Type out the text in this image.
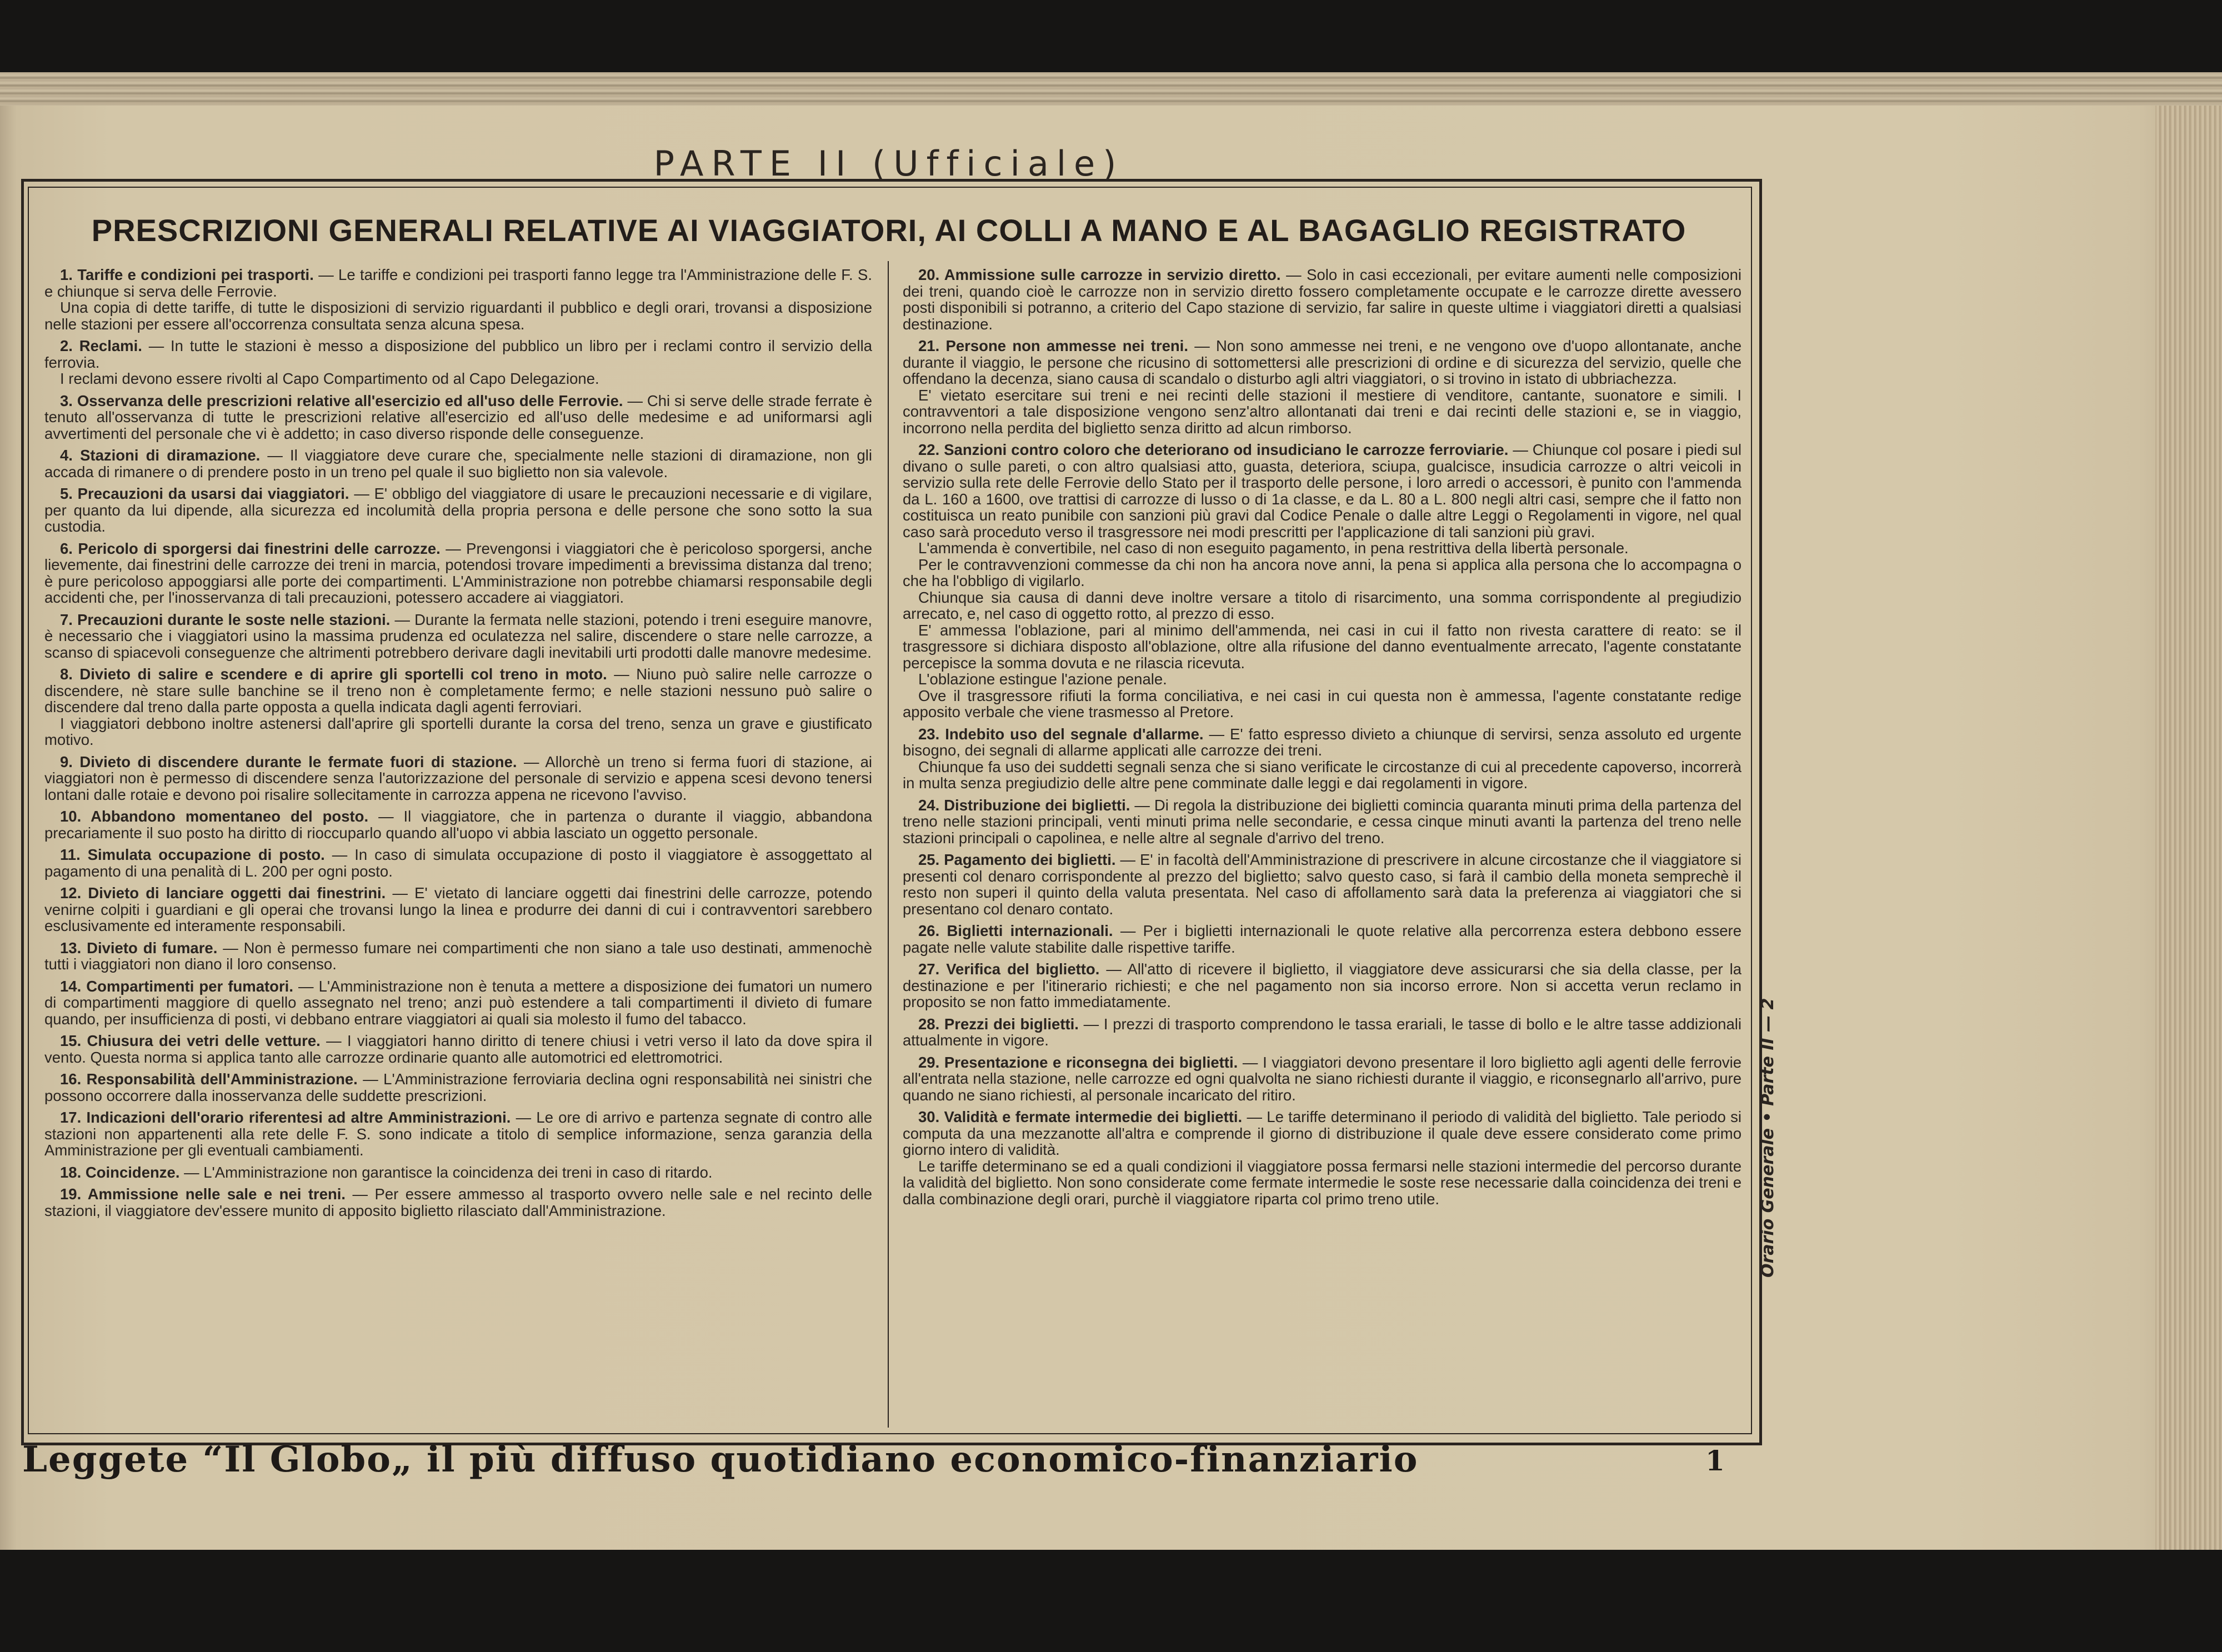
PARTE II (Ufficiale)
PRESCRIZIONI GENERALI RELATIVE AI VIAGGIATORI, AI COLLI A MANO E AL BAGAGLIO REGISTRATO

1. Tariffe e condizioni pei trasporti. — Le tariffe e condizioni pei trasporti fanno legge tra l'Amministrazione delle F. S. e chiunque si serva delle Ferrovie.

Una copia di dette tariffe, di tutte le disposizioni di servizio riguardanti il pubblico e degli orari, trovansi a disposizione nelle stazioni per essere all'occorrenza consultata senza alcuna spesa.

2. Reclami. — In tutte le stazioni è messo a disposizione del pubblico un libro per i reclami contro il servizio della ferrovia.

I reclami devono essere rivolti al Capo Compartimento od al Capo Delegazione.

3. Osservanza delle prescrizioni relative all'esercizio ed all'uso delle Ferrovie. — Chi si serve delle strade ferrate è tenuto all'osservanza di tutte le prescrizioni relative all'esercizio ed all'uso delle medesime e ad uniformarsi agli avvertimenti del personale che vi è addetto; in caso diverso risponde delle conseguenze.

4. Stazioni di diramazione. — Il viaggiatore deve curare che, specialmente nelle stazioni di diramazione, non gli accada di rimanere o di prendere posto in un treno pel quale il suo biglietto non sia valevole.

5. Precauzioni da usarsi dai viaggiatori. — E' obbligo del viaggiatore di usare le precauzioni necessarie e di vigilare, per quanto da lui dipende, alla sicurezza ed incolumità della propria persona e delle persone che sono sotto la sua custodia.

6. Pericolo di sporgersi dai finestrini delle carrozze. — Prevengonsi i viaggiatori che è pericoloso sporgersi, anche lievemente, dai finestrini delle carrozze dei treni in marcia, potendosi trovare impedimenti a brevissima distanza dal treno; è pure pericoloso appoggiarsi alle porte dei compartimenti. L'Amministrazione non potrebbe chiamarsi responsabile degli accidenti che, per l'inosservanza di tali precauzioni, potessero accadere ai viaggiatori.

7. Precauzioni durante le soste nelle stazioni. — Durante la fermata nelle stazioni, potendo i treni eseguire manovre, è necessario che i viaggiatori usino la massima prudenza ed oculatezza nel salire, discendere o stare nelle carrozze, a scanso di spiacevoli conseguenze che altrimenti potrebbero derivare dagli inevitabili urti prodotti dalle manovre medesime.

8. Divieto di salire e scendere e di aprire gli sportelli col treno in moto. — Niuno può salire nelle carrozze o discendere, nè stare sulle banchine se il treno non è completamente fermo; e nelle stazioni nessuno può salire o discendere dal treno dalla parte opposta a quella indicata dagli agenti ferroviari.

I viaggiatori debbono inoltre astenersi dall'aprire gli sportelli durante la corsa del treno, senza un grave e giustificato motivo.

9. Divieto di discendere durante le fermate fuori di stazione. — Allorchè un treno si ferma fuori di stazione, ai viaggiatori non è permesso di discendere senza l'autorizzazione del personale di servizio e appena scesi devono tenersi lontani dalle rotaie e devono poi risalire sollecitamente in carrozza appena ne ricevono l'avviso.

10. Abbandono momentaneo del posto. — Il viaggiatore, che in partenza o durante il viaggio, abbandona precariamente il suo posto ha diritto di rioccuparlo quando all'uopo vi abbia lasciato un oggetto personale.

11. Simulata occupazione di posto. — In caso di simulata occupazione di posto il viaggiatore è assoggettato al pagamento di una penalità di L. 200 per ogni posto.

12. Divieto di lanciare oggetti dai finestrini. — E' vietato di lanciare oggetti dai finestrini delle carrozze, potendo venirne colpiti i guardiani e gli operai che trovansi lungo la linea e produrre dei danni di cui i contravventori sarebbero esclusivamente ed interamente responsabili.

13. Divieto di fumare. — Non è permesso fumare nei compartimenti che non siano a tale uso destinati, ammenochè tutti i viaggiatori non diano il loro consenso.

14. Compartimenti per fumatori. — L'Amministrazione non è tenuta a mettere a disposizione dei fumatori un numero di compartimenti maggiore di quello assegnato nel treno; anzi può estendere a tali compartimenti il divieto di fumare quando, per insufficienza di posti, vi debbano entrare viaggiatori ai quali sia molesto il fumo del tabacco.

15. Chiusura dei vetri delle vetture. — I viaggiatori hanno diritto di tenere chiusi i vetri verso il lato da dove spira il vento. Questa norma si applica tanto alle carrozze ordinarie quanto alle automotrici ed elettromotrici.

16. Responsabilità dell'Amministrazione. — L'Amministrazione ferroviaria declina ogni responsabilità nei sinistri che possono occorrere dalla inosservanza delle suddette prescrizioni.

17. Indicazioni dell'orario riferentesi ad altre Amministrazioni. — Le ore di arrivo e partenza segnate di contro alle stazioni non appartenenti alla rete delle F. S. sono indicate a titolo di semplice informazione, senza garanzia della Amministrazione per gli eventuali cambiamenti.

18. Coincidenze. — L'Amministrazione non garantisce la coincidenza dei treni in caso di ritardo.

19. Ammissione nelle sale e nei treni. — Per essere ammesso al trasporto ovvero nelle sale e nel recinto delle stazioni, il viaggiatore dev'essere munito di apposito biglietto rilasciato dall'Amministrazione.

20. Ammissione sulle carrozze in servizio diretto. — Solo in casi eccezionali, per evitare aumenti nelle composizioni dei treni, quando cioè le carrozze non in servizio diretto fossero completamente occupate e le carrozze dirette avessero posti disponibili si potranno, a criterio del Capo stazione di servizio, far salire in queste ultime i viaggiatori diretti a qualsiasi destinazione.

21. Persone non ammesse nei treni. — Non sono ammesse nei treni, e ne vengono ove d'uopo allontanate, anche durante il viaggio, le persone che ricusino di sottomettersi alle prescrizioni di ordine e di sicurezza del servizio, quelle che offendano la decenza, siano causa di scandalo o disturbo agli altri viaggiatori, o si trovino in istato di ubbriachezza.

E' vietato esercitare sui treni e nei recinti delle stazioni il mestiere di venditore, cantante, suonatore e simili. I contravventori a tale disposizione vengono senz'altro allontanati dai treni e dai recinti delle stazioni e, se in viaggio, incorrono nella perdita del biglietto senza diritto ad alcun rimborso.

22. Sanzioni contro coloro che deteriorano od insudiciano le carrozze ferroviarie. — Chiunque col posare i piedi sul divano o sulle pareti, o con altro qualsiasi atto, guasta, deteriora, sciupa, gualcisce, insudicia carrozze o altri veicoli in servizio sulla rete delle Ferrovie dello Stato per il trasporto delle persone, i loro arredi o accessori, è punito con l'ammenda da L. 160 a 1600, ove trattisi di carrozze di lusso o di 1a classe, e da L. 80 a L. 800 negli altri casi, sempre che il fatto non costituisca un reato punibile con sanzioni più gravi dal Codice Penale o dalle altre Leggi o Regolamenti in vigore, nel qual caso sarà proceduto verso il trasgressore nei modi prescritti per l'applicazione di tali sanzioni più gravi.

L'ammenda è convertibile, nel caso di non eseguito pagamento, in pena restrittiva della libertà personale.

Per le contravvenzioni commesse da chi non ha ancora nove anni, la pena si applica alla persona che lo accompagna o che ha l'obbligo di vigilarlo.

Chiunque sia causa di danni deve inoltre versare a titolo di risarcimento, una somma corrispondente al pregiudizio arrecato, e, nel caso di oggetto rotto, al prezzo di esso.

E' ammessa l'oblazione, pari al minimo dell'ammenda, nei casi in cui il fatto non rivesta carattere di reato: se il trasgressore si dichiara disposto all'oblazione, oltre alla rifusione del danno eventualmente arrecato, l'agente constatante percepisce la somma dovuta e ne rilascia ricevuta.

L'oblazione estingue l'azione penale.

Ove il trasgressore rifiuti la forma conciliativa, e nei casi in cui questa non è ammessa, l'agente constatante redige apposito verbale che viene trasmesso al Pretore.

23. Indebito uso del segnale d'allarme. — E' fatto espresso divieto a chiunque di servirsi, senza assoluto ed urgente bisogno, dei segnali di allarme applicati alle carrozze dei treni.

Chiunque fa uso dei suddetti segnali senza che si siano verificate le circostanze di cui al precedente capoverso, incorrerà in multa senza pregiudizio delle altre pene comminate dalle leggi e dai regolamenti in vigore.

24. Distribuzione dei biglietti. — Di regola la distribuzione dei biglietti comincia quaranta minuti prima della partenza del treno nelle stazioni principali, venti minuti prima nelle secondarie, e cessa cinque minuti avanti la partenza del treno nelle stazioni principali o capolinea, e nelle altre al segnale d'arrivo del treno.

25. Pagamento dei biglietti. — E' in facoltà dell'Amministrazione di prescrivere in alcune circostanze che il viaggiatore si presenti col denaro corrispondente al prezzo del biglietto; salvo questo caso, si farà il cambio della moneta semprechè il resto non superi il quinto della valuta presentata. Nel caso di affollamento sarà data la preferenza ai viaggiatori che si presentano col denaro contato.

26. Biglietti internazionali. — Per i biglietti internazionali le quote relative alla percorrenza estera debbono essere pagate nelle valute stabilite dalle rispettive tariffe.

27. Verifica del biglietto. — All'atto di ricevere il biglietto, il viaggiatore deve assicurarsi che sia della classe, per la destinazione e per l'itinerario richiesti; e che nel pagamento non sia incorso errore. Non si accetta verun reclamo in proposito se non fatto immediatamente.

28. Prezzi dei biglietti. — I prezzi di trasporto comprendono le tassa erariali, le tasse di bollo e le altre tasse addizionali attualmente in vigore.

29. Presentazione e riconsegna dei biglietti. — I viaggiatori devono presentare il loro biglietto agli agenti delle ferrovie all'entrata nella stazione, nelle carrozze ed ogni qualvolta ne siano richiesti durante il viaggio, e riconsegnarlo all'arrivo, pure quando ne siano richiesti, al personale incaricato del ritiro.

30. Validità e fermate intermedie dei biglietti. — Le tariffe determinano il periodo di validità del biglietto. Tale periodo si computa da una mezzanotte all'altra e comprende il giorno di distribuzione il quale deve essere considerato come primo giorno intero di validità.

Le tariffe determinano se ed a quali condizioni il viaggiatore possa fermarsi nelle stazioni intermedie del percorso durante la validità del biglietto. Non sono considerate come fermate intermedie le soste rese necessarie dalla coincidenza dei treni e dalla combinazione degli orari, purchè il viaggiatore riparta col primo treno utile.

Leggete “Il Globo„ il più diffuso quotidiano economico-finanziario	1
Orario Generale • Parte II — 2
